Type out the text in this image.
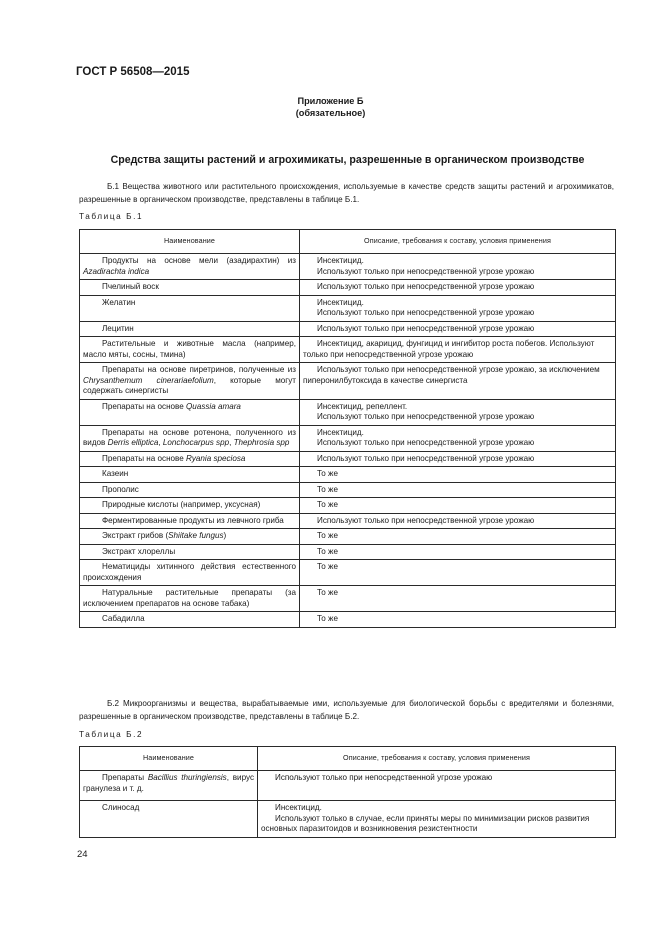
ГОСТ Р 56508—2015
Приложение Б
(обязательное)
Средства защиты растений и агрохимикаты, разрешенные в органическом производстве
Б.1 Вещества животного или растительного происхождения, используемые в качестве средств защиты растений и агрохимикатов, разрешенные в органическом производстве, представлены в таблице Б.1.
Таблица Б.1
Наименование	Описание, требования к составу, условия применения
Продукты на основе мели (азадирахтин) из Azadirachta indica	Инсектицид.
Используют только при непосредственной угрозе урожаю

Пчелиный воск	Используют только при непосредственной угрозе урожаю

Желатин	Инсектицид.
Используют только при непосредственной угрозе урожаю

Лецитин	Используют только при непосредственной угрозе урожаю

Растительные и животные масла (например, масло мяты, сосны, тмина)	Инсектицид, акарицид, фунгицид и ингибитор роста побегов. Используют только при непосредственной угрозе урожаю

Препараты на основе пиретринов, полученные из Chrysanthemum cinerariaefolium, которые могут содержать синергисты	Используют только при непосредственной угрозе урожаю, за исключением пиперонилбутоксида в качестве синергиста

Препараты на основе Quassia amara	Инсектицид, репеллент.
Используют только при непосредственной угрозе урожаю

Препараты на основе ротенона, полученного из видов Derris elliptica, Lonchocarpus spp, Thephrosia spp	Инсектицид.
Используют только при непосредственной угрозе урожаю

Препараты на основе Ryania speciosa	Используют только при непосредственной угрозе урожаю

Казеин	То же

Прополис	То же

Природные кислоты (например, уксусная)	То же

Ферментированные продукты из левчного гриба	Используют только при непосредственной угрозе урожаю

Экстракт грибов (Shiitake fungus)	То же

Экстракт хлореллы	То же

Нематициды хитинного действия естественного происхождения	То же

Натуральные растительные препараты (за исключением препаратов на основе табака)	То же

Сабадилла	То же
Б.2 Микроорганизмы и вещества, вырабатываемые ими, используемые для биологической борьбы с вредителями и болезнями, разрешенные в органическом производстве, представлены в таблице Б.2.
Таблица Б.2
Наименование	Описание, требования к составу, условия применения
Препараты Bacillius thuringiensis, вирус гранулеза и т. д.	Используют только при непосредственной угрозе урожаю

Слиносад	Инсектицид.
Используют только в случае, если приняты меры по минимизации рисков развития основных паразитоидов и возникновения резистентности
24
